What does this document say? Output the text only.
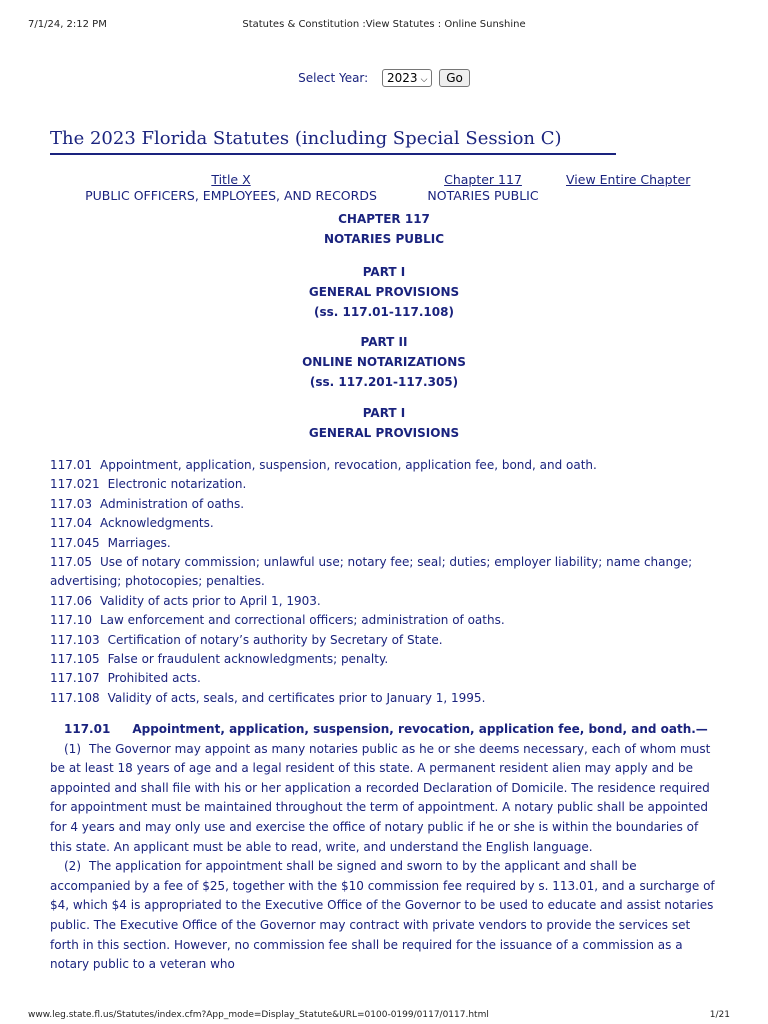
7/1/24, 2:12 PM	Statutes & Constitution :View Statutes : Online Sunshine
Select Year: 2023 ⌵ Go
The 2023 Florida Statutes (including Special Session C)
Title X
PUBLIC OFFICERS, EMPLOYEES, AND RECORDS
Chapter 117
NOTARIES PUBLIC
View Entire Chapter
CHAPTER 117
NOTARIES PUBLIC
PART I
GENERAL PROVISIONS
(ss. 117.01-117.108)
PART II
ONLINE NOTARIZATIONS
(ss. 117.201-117.305)
PART I
GENERAL PROVISIONS
117.01 Appointment, application, suspension, revocation, application fee, bond, and oath.
117.021 Electronic notarization.
117.03 Administration of oaths.
117.04 Acknowledgments.
117.045 Marriages.
117.05 Use of notary commission; unlawful use; notary fee; seal; duties; employer liability; name change; advertising; photocopies; penalties.
117.06 Validity of acts prior to April 1, 1903.
117.10 Law enforcement and correctional officers; administration of oaths.
117.103 Certification of notary’s authority by Secretary of State.
117.105 False or fraudulent acknowledgments; penalty.
117.107 Prohibited acts.
117.108 Validity of acts, seals, and certificates prior to January 1, 1995.
117.01 Appointment, application, suspension, revocation, application fee, bond, and oath.—

(1) The Governor may appoint as many notaries public as he or she deems necessary, each of whom must be at least 18 years of age and a legal resident of this state. A permanent resident alien may apply and be appointed and shall file with his or her application a recorded Declaration of Domicile. The residence required for appointment must be maintained throughout the term of appointment. A notary public shall be appointed for 4 years and may only use and exercise the office of notary public if he or she is within the boundaries of this state. An applicant must be able to read, write, and understand the English language.

(2) The application for appointment shall be signed and sworn to by the applicant and shall be accompanied by a fee of $25, together with the $10 commission fee required by s. 113.01, and a surcharge of $4, which $4 is appropriated to the Executive Office of the Governor to be used to educate and assist notaries public. The Executive Office of the Governor may contract with private vendors to provide the services set forth in this section. However, no commission fee shall be required for the issuance of a commission as a notary public to a veteran who

www.leg.state.fl.us/Statutes/index.cfm?App_mode=Display_Statute&URL=0100-0199/0117/0117.html	1/21
